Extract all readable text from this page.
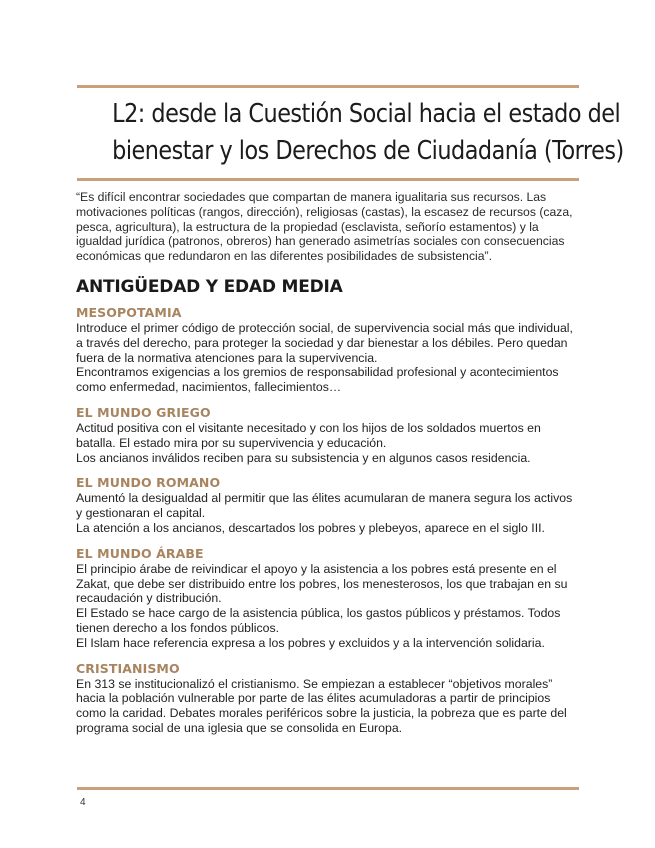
L2: desde la Cuestión Social hacia el estado del
bienestar y los Derechos de Ciudadanía (Torres)
“Es difícil encontrar sociedades que compartan de manera igualitaria sus recursos. Las
motivaciones políticas (rangos, dirección), religiosas (castas), la escasez de recursos (caza,
pesca, agricultura), la estructura de la propiedad (esclavista, señorío estamentos) y la
igualdad jurídica (patronos, obreros) han generado asimetrías sociales con consecuencias
económicas que redundaron en las diferentes posibilidades de subsistencia”.
ANTIGÜEDAD Y EDAD MEDIA
MESOPOTAMIA
Introduce el primer código de protección social, de supervivencia social más que individual,
a través del derecho, para proteger la sociedad y dar bienestar a los débiles. Pero quedan
fuera de la normativa atenciones para la supervivencia.
Encontramos exigencias a los gremios de responsabilidad profesional y acontecimientos
como enfermedad, nacimientos, fallecimientos…
EL MUNDO GRIEGO
Actitud positiva con el visitante necesitado y con los hijos de los soldados muertos en
batalla. El estado mira por su supervivencia y educación.
Los ancianos inválidos reciben para su subsistencia y en algunos casos residencia.
EL MUNDO ROMANO
Aumentó la desigualdad al permitir que las élites acumularan de manera segura los activos
y gestionaran el capital.
La atención a los ancianos, descartados los pobres y plebeyos, aparece en el siglo III.
EL MUNDO ÁRABE
El principio árabe de reivindicar el apoyo y la asistencia a los pobres está presente en el
Zakat, que debe ser distribuido entre los pobres, los menesterosos, los que trabajan en su
recaudación y distribución.
El Estado se hace cargo de la asistencia pública, los gastos públicos y préstamos. Todos
tienen derecho a los fondos públicos.
El Islam hace referencia expresa a los pobres y excluidos y a la intervención solidaria.
CRISTIANISMO
En 313 se institucionalizó el cristianismo. Se empiezan a establecer “objetivos morales”
hacia la población vulnerable por parte de las élites acumuladoras a partir de principios
como la caridad. Debates morales periféricos sobre la justicia, la pobreza que es parte del
programa social de una iglesia que se consolida en Europa.
4
